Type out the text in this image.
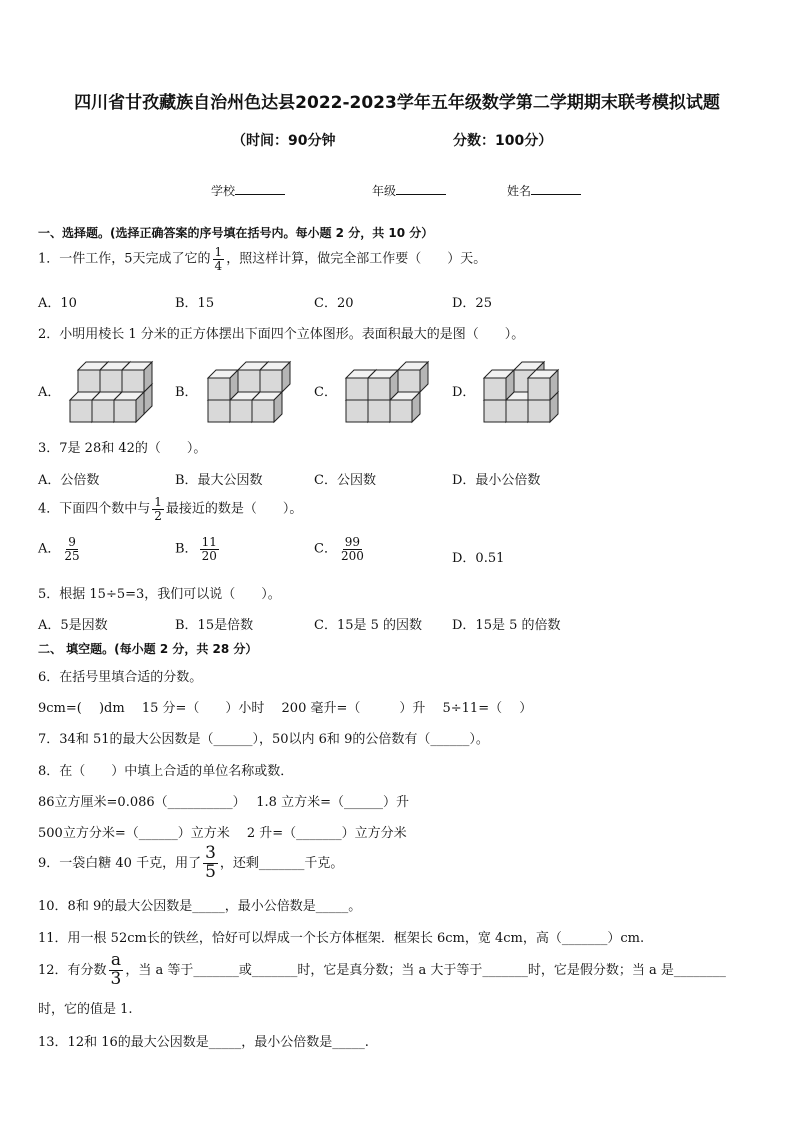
四川省甘孜藏族自治州色达县2022-2023学年五年级数学第二学期期末联考模拟试题
（时间：90分钟	分数：100分）
学校	年级	姓名
一、选择题。(选择正确答案的序号填在括号内。每小题 2 分，共 10 分）
1．一件工作，5天完成了它的 $\frac{1}{4}$ ，照这样计算，做完全部工作要（　　）天。
A．10	B．15	C．20	D．25
2．小明用棱长 1 分米的正方体摆出下面四个立体图形。表面积最大的是图（　　）。
A．	B．	C．	D．
3．7是 28和 42的（　　）。
A．公倍数	B．最大公因数	C．公因数	D．最小公倍数
4．下面四个数中与 $\frac{1}{2}$ 最接近的数是（　　）。
A． $\frac{9}{25}$	B． $\frac{11}{20}$	C． $\frac{99}{200}$	D．0.51
5．根据 15÷5=3，我们可以说（　　）。
A．5是因数	B．15是倍数	C．15是 5 的因数 D．15是 5 的倍数
二、 填空题。(每小题 2 分，共 28 分）
6．在括号里填合适的分数。
9cm=(　 )dm　 15 分=（　　）小时　 200 毫升=（　　　）升　 5÷11=（　 ）
7．34和 51的最大公因数是（______），50以内 6和 9的公倍数有（______）。
8．在（　　）中填上合适的单位名称或数．
86立方厘米=0.086（__________）　 1.8 立方米=（______）升
500立方分米=（______）立方米　 2 升=（_______）立方分米
9．一袋白糖 40 千克，用了 $\frac{3}{5}$ ，还剩_______千克。
10．8和 9的最大公因数是_____，最小公倍数是_____。
11．用一根 52cm长的铁丝，恰好可以焊成一个长方体框架．框架长 6cm，宽 4cm，高（_______）cm.
12．有分数 $\frac{a}{3}$ ，当 a 等于_______或_______时，它是真分数；当 a 大于等于_______时，它是假分数；当 a 是________
时，它的值是 1.
13．12和 16的最大公因数是_____，最小公倍数是_____.
